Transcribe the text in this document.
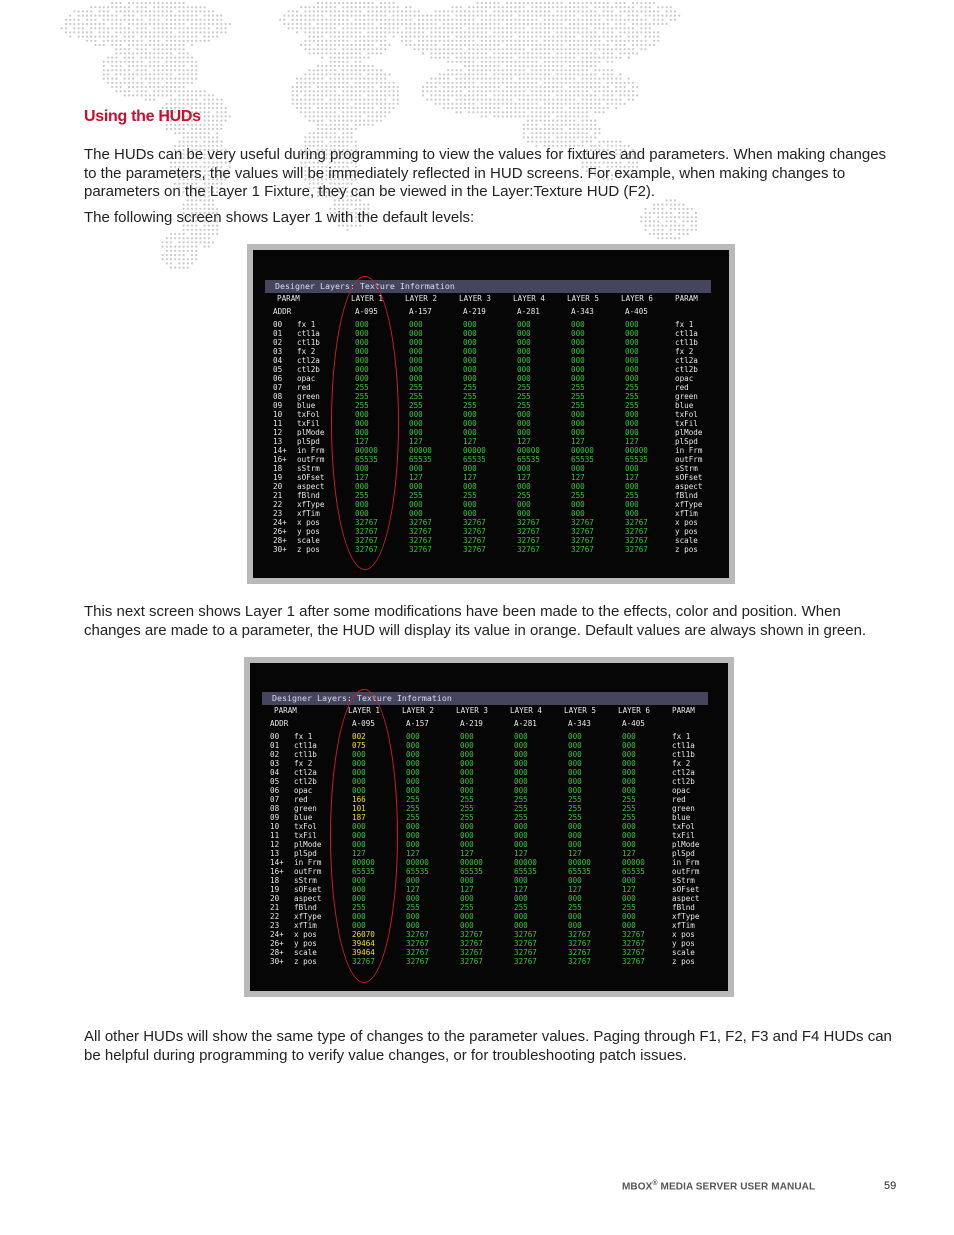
Using the HUDs

The HUDs can be very useful during programming to view the values for fixtures and parameters. When making changes to the parameters, the values will be immediately reflected in HUD screens. For example, when making changes to parameters on the Layer 1 Fixture, they can be viewed in the Layer:Texture HUD (F2).

The following screen shows Layer 1 with the default levels:

Designer Layers: Texture Information
PARAM	LAYER 1	LAYER 2	LAYER 3	LAYER 4	LAYER 5	LAYER 6	PARAM
ADDR	A-095	A-157	A-219	A-281	A-343	A-405
00 fx 1	000	000	000	000	000	000	fx 1
01 ctl1a	000	000	000	000	000	000	ctl1a
02 ctl1b	000	000	000	000	000	000	ctl1b
03 fx 2	000	000	000	000	000	000	fx 2
04 ctl2a	000	000	000	000	000	000	ctl2a
05 ctl2b	000	000	000	000	000	000	ctl2b
06 opac	000	000	000	000	000	000	opac
07 red	255	255	255	255	255	255	red
08 green	255	255	255	255	255	255	green
09 blue	255	255	255	255	255	255	blue
10 txFol	000	000	000	000	000	000	txFol
11 txFil	000	000	000	000	000	000	txFil
12 plMode	000	000	000	000	000	000	plMode
13 plSpd	127	127	127	127	127	127	plSpd
14+ in Frm	00000	00000	00000	00000	00000	00000	in Frm
16+ outFrm	65535	65535	65535	65535	65535	65535	outFrm
18 sStrm	000	000	000	000	000	000	sStrm
19 sOFset	127	127	127	127	127	127	sOFset
20 aspect	000	000	000	000	000	000	aspect
21 fBlnd	255	255	255	255	255	255	fBlnd
22 xfType	000	000	000	000	000	000	xfType
23 xfTim	000	000	000	000	000	000	xfTim
24+ x pos	32767	32767	32767	32767	32767	32767	x pos
26+ y pos	32767	32767	32767	32767	32767	32767	y pos
28+ scale	32767	32767	32767	32767	32767	32767	scale
30+ z pos	32767	32767	32767	32767	32767	32767	z pos

This next screen shows Layer 1 after some modifications have been made to the effects, color and position. When changes are made to a parameter, the HUD will display its value in orange. Default values are always shown in green.

Designer Layers: Texture Information
PARAM	LAYER 1	LAYER 2	LAYER 3	LAYER 4	LAYER 5	LAYER 6	PARAM
ADDR	A-095	A-157	A-219	A-281	A-343	A-405
00 fx 1	002	000	000	000	000	000	fx 1
01 ctl1a	075	000	000	000	000	000	ctl1a
02 ctl1b	000	000	000	000	000	000	ctl1b
03 fx 2	000	000	000	000	000	000	fx 2
04 ctl2a	000	000	000	000	000	000	ctl2a
05 ctl2b	000	000	000	000	000	000	ctl2b
06 opac	000	000	000	000	000	000	opac
07 red	166	255	255	255	255	255	red
08 green	101	255	255	255	255	255	green
09 blue	187	255	255	255	255	255	blue
10 txFol	000	000	000	000	000	000	txFol
11 txFil	000	000	000	000	000	000	txFil
12 plMode	000	000	000	000	000	000	plMode
13 plSpd	127	127	127	127	127	127	plSpd
14+ in Frm	00000	00000	00000	00000	00000	00000	in Frm
16+ outFrm	65535	65535	65535	65535	65535	65535	outFrm
18 sStrm	000	000	000	000	000	000	sStrm
19 sOFset	000	127	127	127	127	127	sOFset
20 aspect	000	000	000	000	000	000	aspect
21 fBlnd	255	255	255	255	255	255	fBlnd
22 xfType	000	000	000	000	000	000	xfType
23 xfTim	000	000	000	000	000	000	xfTim
24+ x pos	26070	32767	32767	32767	32767	32767	x pos
26+ y pos	39464	32767	32767	32767	32767	32767	y pos
28+ scale	39464	32767	32767	32767	32767	32767	scale
30+ z pos	32767	32767	32767	32767	32767	32767	z pos

All other HUDs will show the same type of changes to the parameter values. Paging through F1, F2, F3 and F4 HUDs can be helpful during programming to verify value changes, or for troubleshooting patch issues.

MBOX® MEDIA SERVER USER MANUAL	59
